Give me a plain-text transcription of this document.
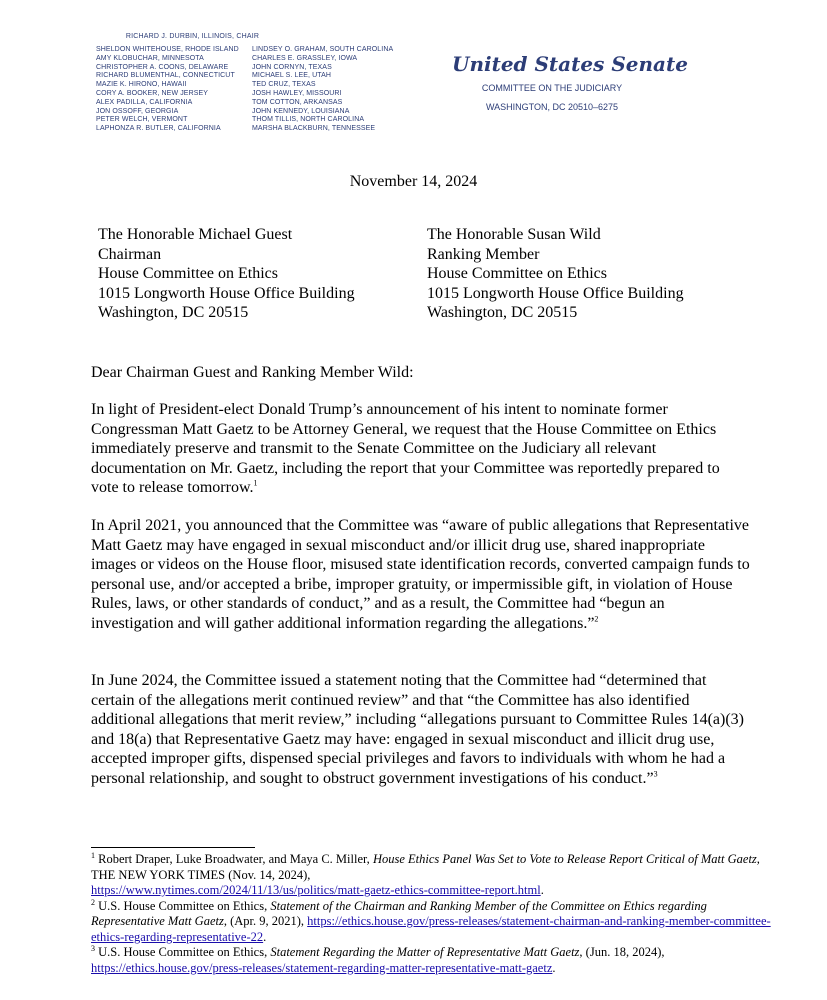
RICHARD J. DURBIN, ILLINOIS, CHAIR
SHELDON WHITEHOUSE, RHODE ISLAND
AMY KLOBUCHAR, MINNESOTA
CHRISTOPHER A. COONS, DELAWARE
RICHARD BLUMENTHAL, CONNECTICUT
MAZIE K. HIRONO, HAWAII
CORY A. BOOKER, NEW JERSEY
ALEX PADILLA, CALIFORNIA
JON OSSOFF, GEORGIA
PETER WELCH, VERMONT
LAPHONZA R. BUTLER, CALIFORNIA
LINDSEY O. GRAHAM, SOUTH CAROLINA
CHARLES E. GRASSLEY, IOWA
JOHN CORNYN, TEXAS
MICHAEL S. LEE, UTAH
TED CRUZ, TEXAS
JOSH HAWLEY, MISSOURI
TOM COTTON, ARKANSAS
JOHN KENNEDY, LOUISIANA
THOM TILLIS, NORTH CAROLINA
MARSHA BLACKBURN, TENNESSEE
United States Senate
COMMITTEE ON THE JUDICIARY
WASHINGTON, DC 20510–6275
November 14, 2024
The Honorable Michael Guest
Chairman
House Committee on Ethics
1015 Longworth House Office Building
Washington, DC 20515
The Honorable Susan Wild
Ranking Member
House Committee on Ethics
1015 Longworth House Office Building
Washington, DC 20515
Dear Chairman Guest and Ranking Member Wild:
In light of President-elect Donald Trump’s announcement of his intent to nominate former Congressman Matt Gaetz to be Attorney General, we request that the House Committee on Ethics immediately preserve and transmit to the Senate Committee on the Judiciary all relevant documentation on Mr. Gaetz, including the report that your Committee was reportedly prepared to vote to release tomorrow.$^1$
In April 2021, you announced that the Committee was “aware of public allegations that Representative Matt Gaetz may have engaged in sexual misconduct and/or illicit drug use, shared inappropriate images or videos on the House floor, misused state identification records, converted campaign funds to personal use, and/or accepted a bribe, improper gratuity, or impermissible gift, in violation of House Rules, laws, or other standards of conduct,” and as a result, the Committee had “begun an investigation and will gather additional information regarding the allegations.”$^2$
In June 2024, the Committee issued a statement noting that the Committee had “determined that certain of the allegations merit continued review” and that “the Committee has also identified additional allegations that merit review,” including “allegations pursuant to Committee Rules 14(a)(3) and 18(a) that Representative Gaetz may have: engaged in sexual misconduct and illicit drug use, accepted improper gifts, dispensed special privileges and favors to individuals with whom he had a personal relationship, and sought to obstruct government investigations of his conduct.”$^3$

$^1$ Robert Draper, Luke Broadwater, and Maya C. Miller, House Ethics Panel Was Set to Vote to Release Report Critical of Matt Gaetz, THE NEW YORK TIMES (Nov. 14, 2024),
https://www.nytimes.com/2024/11/13/us/politics/matt-gaetz-ethics-committee-report.html.

$^2$ U.S. House Committee on Ethics, Statement of the Chairman and Ranking Member of the Committee on Ethics regarding Representative Matt Gaetz, (Apr. 9, 2021), https://ethics.house.gov/press-releases/statement-chairman-and-ranking-member-committee-ethics-regarding-representative-22.

$^3$ U.S. House Committee on Ethics, Statement Regarding the Matter of Representative Matt Gaetz, (Jun. 18, 2024), https://ethics.house.gov/press-releases/statement-regarding-matter-representative-matt-gaetz.
